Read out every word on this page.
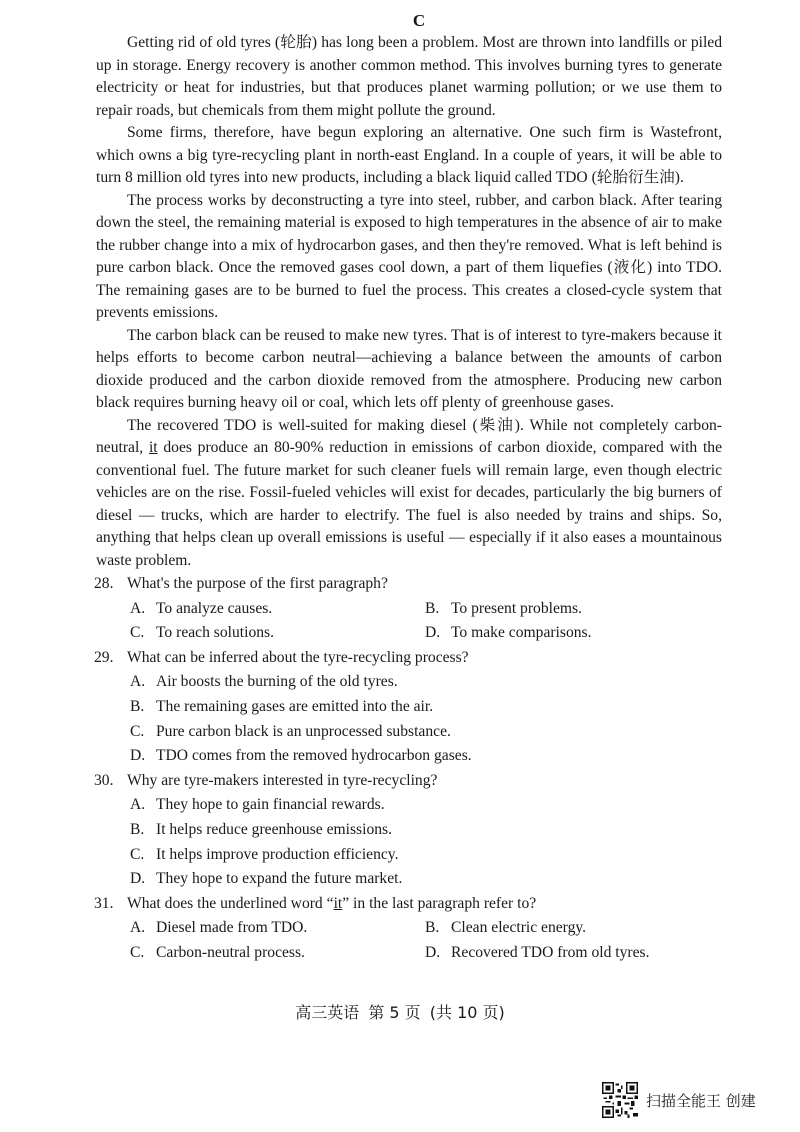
C

Getting rid of old tyres (轮胎) has long been a problem. Most are thrown into landfills or piled up in storage. Energy recovery is another common method. This involves burning tyres to generate electricity or heat for industries, but that produces planet warming pollution; or we use them to repair roads, but chemicals from them might pollute the ground.

Some firms, therefore, have begun exploring an alternative. One such firm is Wastefront, which owns a big tyre-recycling plant in north-east England. In a couple of years, it will be able to turn 8 million old tyres into new products, including a black liquid called TDO (轮胎衍生油).

The process works by deconstructing a tyre into steel, rubber, and carbon black. After tearing down the steel, the remaining material is exposed to high temperatures in the absence of air to make the rubber change into a mix of hydrocarbon gases, and then they're removed. What is left behind is pure carbon black. Once the removed gases cool down, a part of them liquefies (液化) into TDO. The remaining gases are to be burned to fuel the process. This creates a closed-cycle system that prevents emissions.

The carbon black can be reused to make new tyres. That is of interest to tyre-makers because it helps efforts to become carbon neutral—achieving a balance between the amounts of carbon dioxide produced and the carbon dioxide removed from the atmosphere. Producing new carbon black requires burning heavy oil or coal, which lets off plenty of greenhouse gases.

The recovered TDO is well-suited for making diesel (柴油). While not completely carbon-neutral, it does produce an 80-90% reduction in emissions of carbon dioxide, compared with the conventional fuel. The future market for such cleaner fuels will remain large, even though electric vehicles are on the rise. Fossil-fueled vehicles will exist for decades, particularly the big burners of diesel — trucks, which are harder to electrify. The fuel is also needed by trains and ships. So, anything that helps clean up overall emissions is useful — especially if it also eases a mountainous waste problem.

28. What's the purpose of the first paragraph?
A. To analyze causes.	B. To present problems.
C. To reach solutions.	D. To make comparisons.
29. What can be inferred about the tyre-recycling process?
A. Air boosts the burning of the old tyres.
B. The remaining gases are emitted into the air.
C. Pure carbon black is an unprocessed substance.
D. TDO comes from the removed hydrocarbon gases.
30. Why are tyre-makers interested in tyre-recycling?
A. They hope to gain financial rewards.
B. It helps reduce greenhouse emissions.
C. It helps improve production efficiency.
D. They hope to expand the future market.
31. What does the underlined word “it” in the last paragraph refer to?
A. Diesel made from TDO.	B. Clean electric energy.
C. Carbon-neutral process.	D. Recovered TDO from old tyres.
高三英语 第 5 页 (共 10 页)
扫描全能王 创建
